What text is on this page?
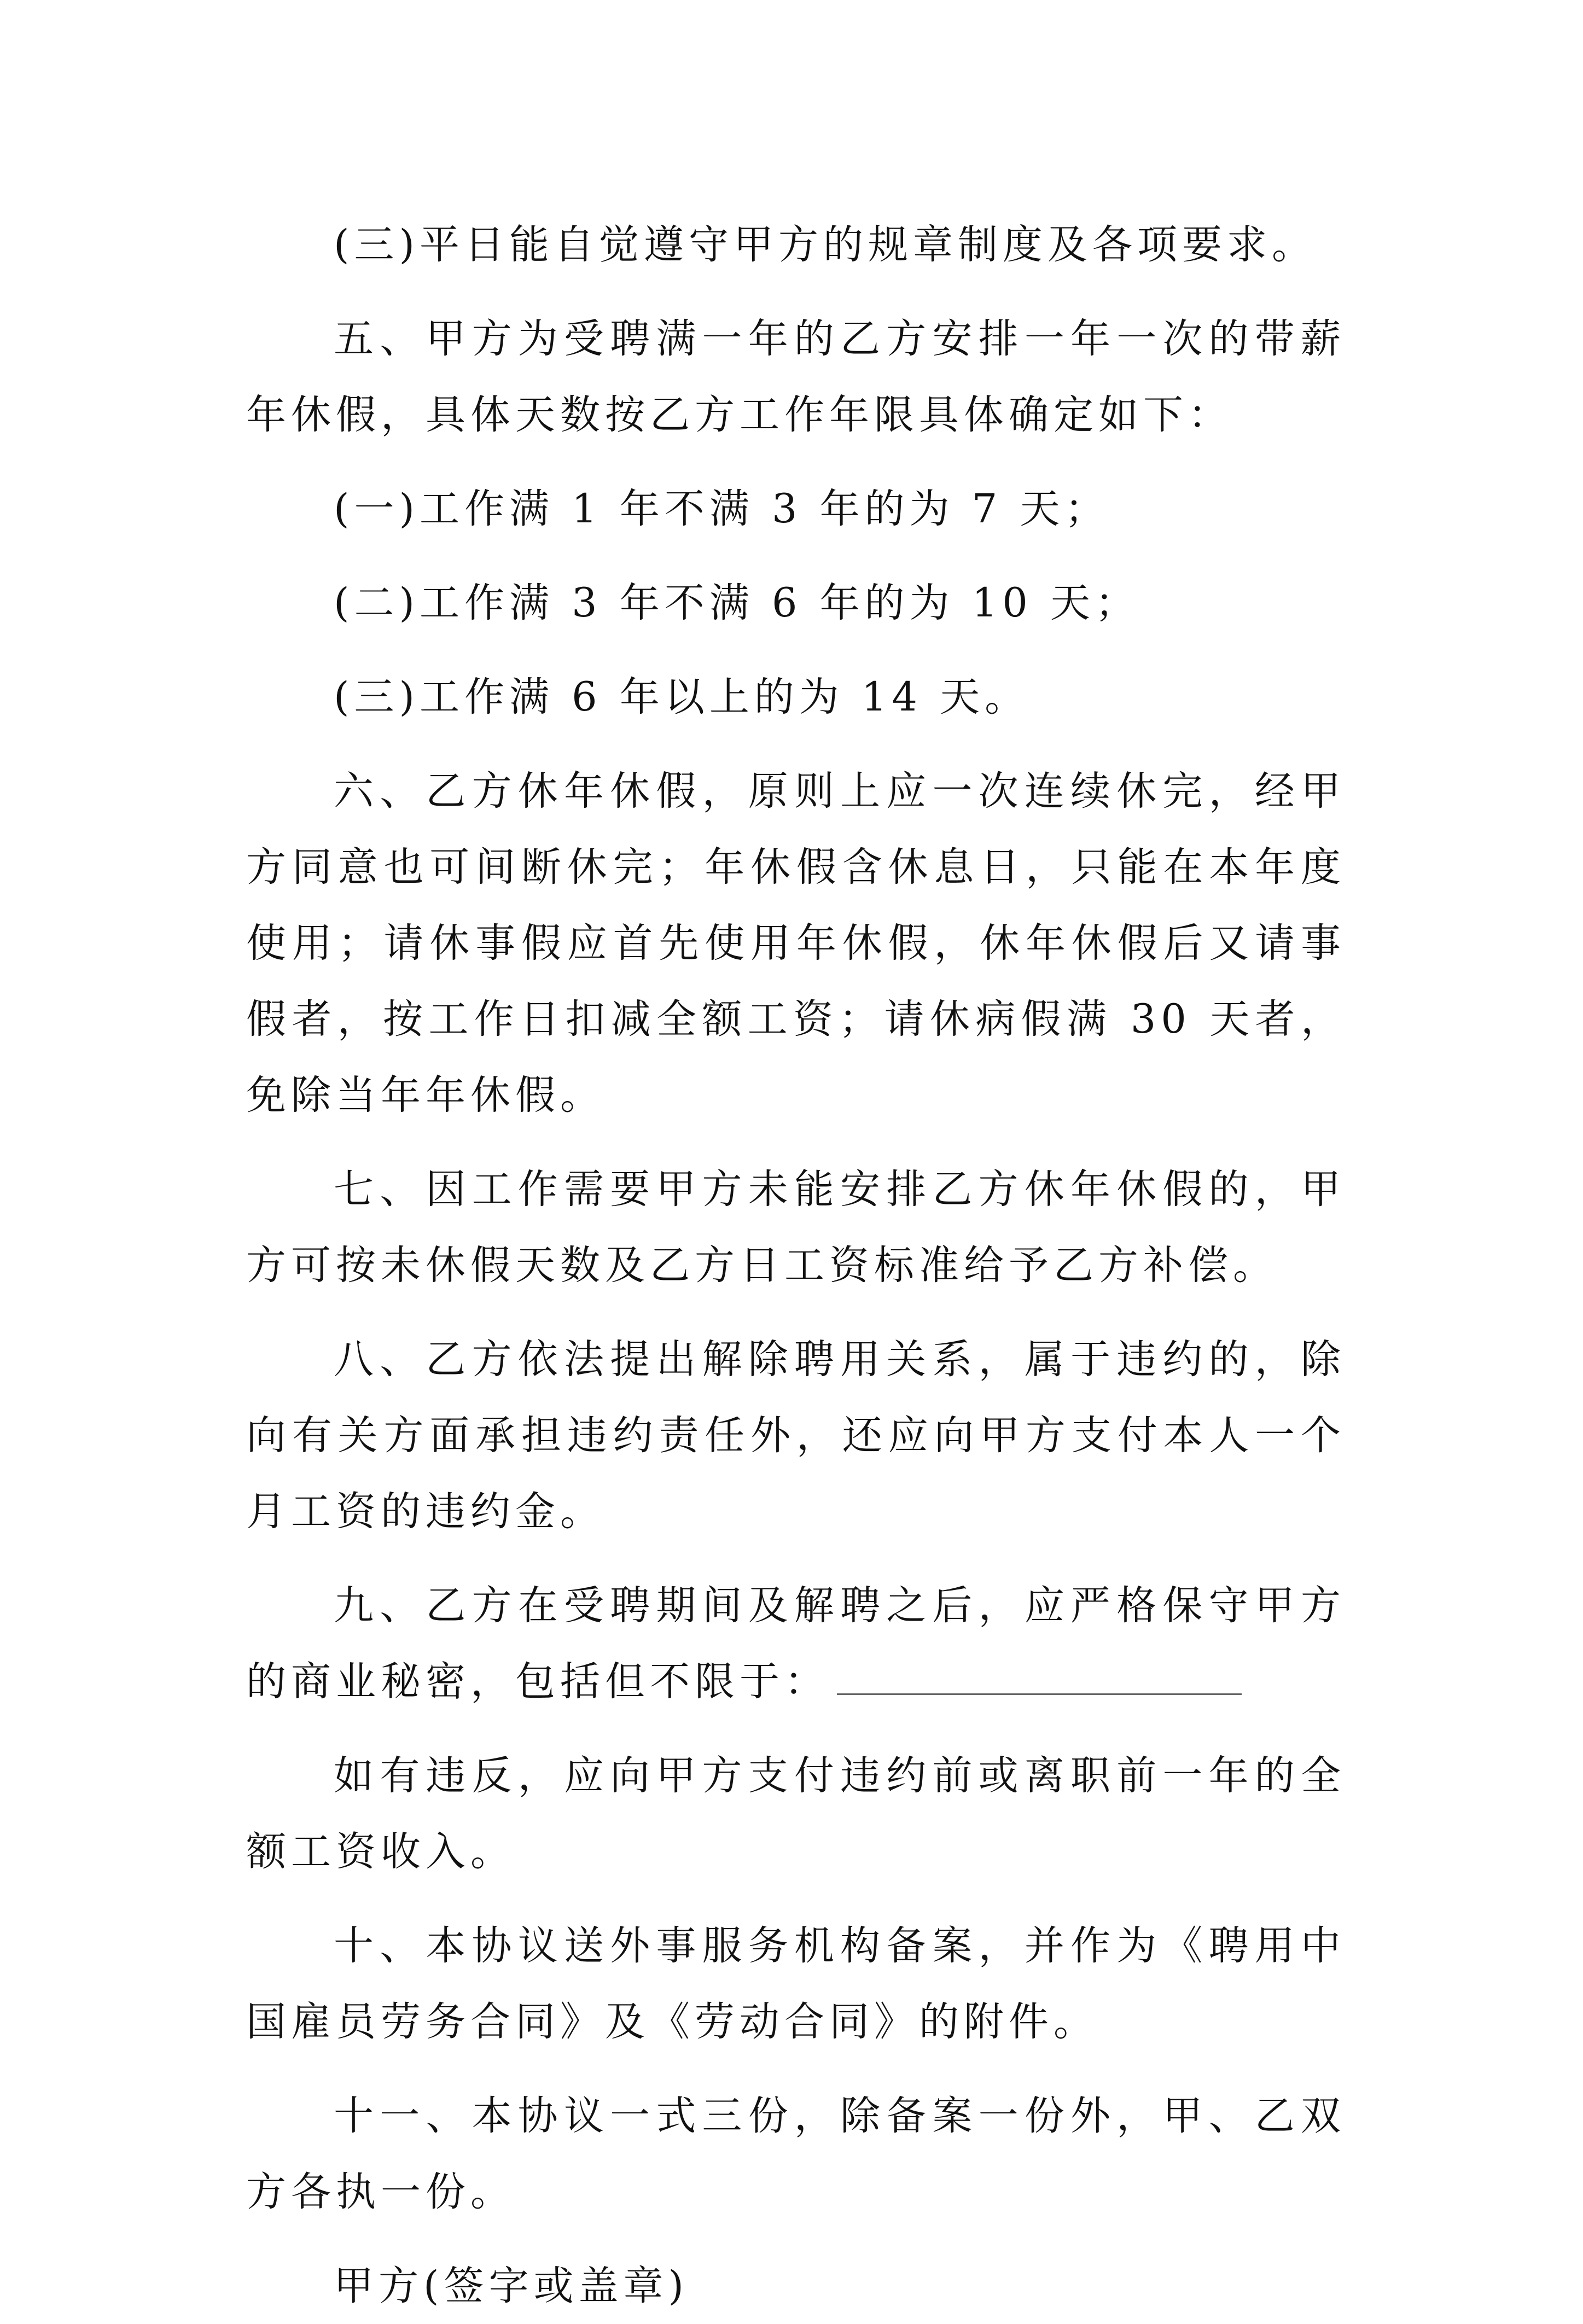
(三)平日能自觉遵守甲方的规章制度及各项要求。

五、甲方为受聘满一年的乙方安排一年一次的带薪年休假，具体天数按乙方工作年限具体确定如下：

(一)工作满 1 年不满 3 年的为 7 天；

(二)工作满 3 年不满 6 年的为 10 天；

(三)工作满 6 年以上的为 14 天。

六、乙方休年休假，原则上应一次连续休完，经甲方同意也可间断休完；年休假含休息日，只能在本年度使用；请休事假应首先使用年休假，休年休假后又请事假者，按工作日扣减全额工资；请休病假满 30 天者，免除当年年休假。

七、因工作需要甲方未能安排乙方休年休假的，甲方可按未休假天数及乙方日工资标准给予乙方补偿。

八、乙方依法提出解除聘用关系，属于违约的，除向有关方面承担违约责任外，还应向甲方支付本人一个月工资的违约金。

九、乙方在受聘期间及解聘之后，应严格保守甲方的商业秘密，包括但不限于：

如有违反，应向甲方支付违约前或离职前一年的全额工资收入。

十、本协议送外事服务机构备案，并作为《聘用中国雇员劳务合同》及《劳动合同》的附件。

十一、本协议一式三份，除备案一份外，甲、乙双方各执一份。

甲方(签字或盖章)
